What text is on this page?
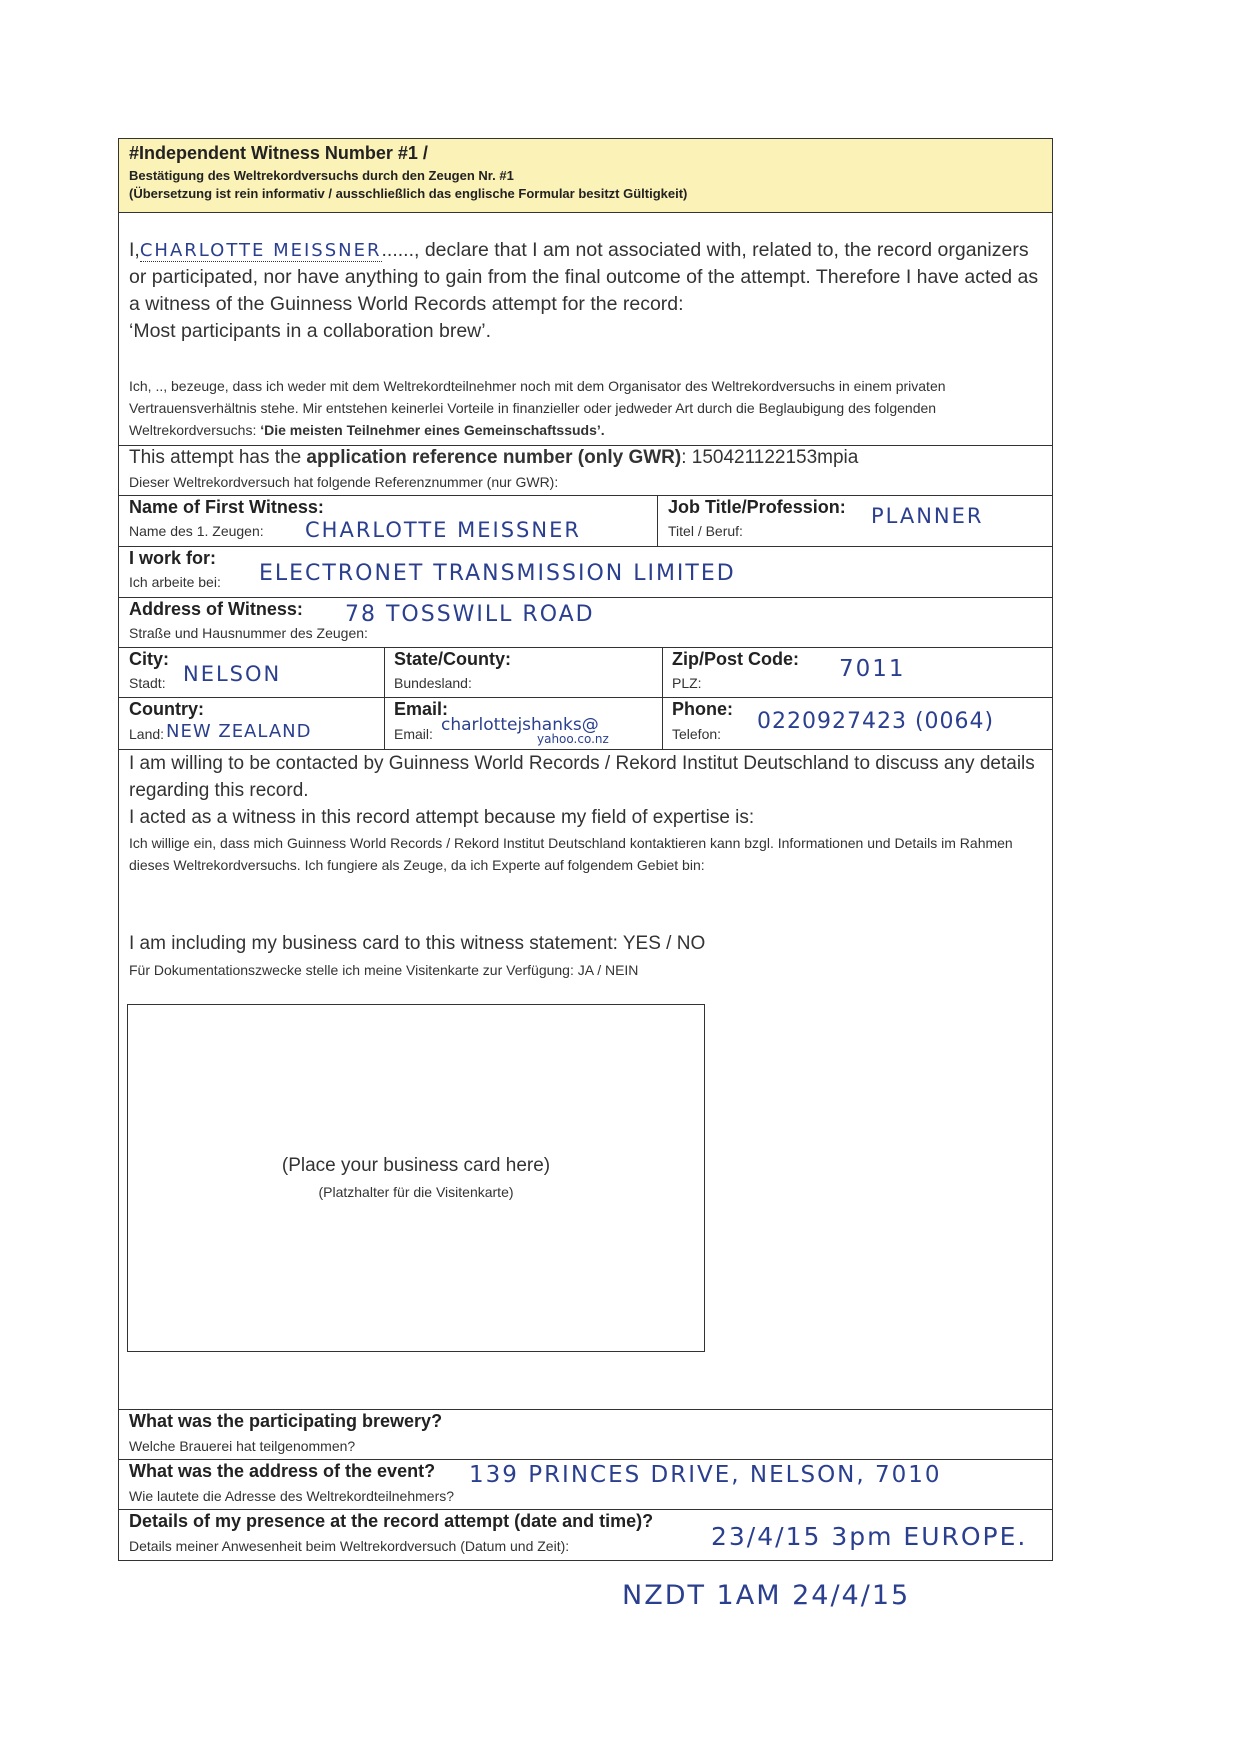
#Independent Witness Number #1 /
Bestätigung des Weltrekordversuchs durch den Zeugen Nr. #1
(Übersetzung ist rein informativ / ausschließlich das englische Formular besitzt Gültigkeit)
I,CHARLOTTE MEISSNER......, declare that I am not associated with, related to, the record organizers or participated, nor have anything to gain from the final outcome of the attempt. Therefore I have acted as a witness of the Guinness World Records attempt for the record:
‘Most participants in a collaboration brew’.
Ich, .., bezeuge, dass ich weder mit dem Weltrekordteilnehmer noch mit dem Organisator des Weltrekordversuchs in einem privaten Vertrauensverhältnis stehe. Mir entstehen keinerlei Vorteile in finanzieller oder jedweder Art durch die Beglaubigung des folgenden Weltrekordversuchs: ‘Die meisten Teilnehmer eines Gemeinschaftssuds’.
This attempt has the application reference number (only GWR): 150421122153mpia
Dieser Weltrekordversuch hat folgende Referenznummer (nur GWR):
Name of First Witness:
Name des 1. Zeugen: CHARLOTTE MEISSNER
Job Title/Profession:
Titel / Beruf:
PLANNER
I work for:
Ich arbeite bei: ELECTRONET TRANSMISSION LIMITED
Address of Witness:
Straße und Hausnummer des Zeugen:
78 TOSSWILL ROAD
City:
Stadt: NELSON
State/County:
Bundesland:
Zip/Post Code:
PLZ:
7011
Country:
Land: NEW ZEALAND
Email:
Email: charlottejshanks@
yahoo.co.nz
Phone:
Telefon: 0220927423 (0064)
I am willing to be contacted by Guinness World Records / Rekord Institut Deutschland to discuss any details regarding this record.
I acted as a witness in this record attempt because my field of expertise is:
Ich willige ein, dass mich Guinness World Records / Rekord Institut Deutschland kontaktieren kann bzgl. Informationen und Details im Rahmen dieses Weltrekordversuchs. Ich fungiere als Zeuge, da ich Experte auf folgendem Gebiet bin:
I am including my business card to this witness statement: YES / NO
Für Dokumentationszwecke stelle ich meine Visitenkarte zur Verfügung: JA / NEIN
(Place your business card here)
(Platzhalter für die Visitenkarte)
What was the participating brewery?
Welche Brauerei hat teilgenommen?
What was the address of the event?
Wie lautete die Adresse des Weltrekordteilnehmers?
139 PRINCES DRIVE, NELSON, 7010
Details of my presence at the record attempt (date and time)?
Details meiner Anwesenheit beim Weltrekordversuch (Datum und Zeit):	23/4/15 3pm EUROPE.
NZDT 1AM 24/4/15
